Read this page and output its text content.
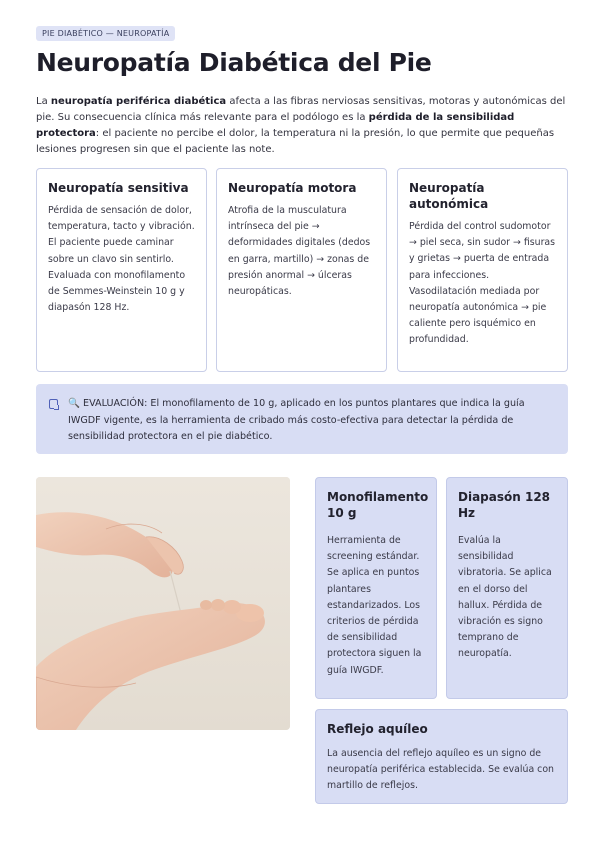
PIE DIABÉTICO — NEUROPATÍA
Neuropatía Diabética del Pie

La neuropatía periférica diabética afecta a las fibras nerviosas sensitivas, motoras y autonómicas del pie. Su consecuencia clínica más relevante para el podólogo es la pérdida de la sensibilidad protectora: el paciente no percibe el dolor, la temperatura ni la presión, lo que permite que pequeñas lesiones progresen sin que el paciente las note.

Neuropatía sensitiva

Pérdida de sensación de dolor, temperatura, tacto y vibración. El paciente puede caminar sobre un clavo sin sentirlo. Evaluada con monofilamento de Semmes-Weinstein 10 g y diapasón 128 Hz.

Neuropatía motora

Atrofia de la musculatura intrínseca del pie → deformidades digitales (dedos en garra, martillo) → zonas de presión anormal → úlceras neuropáticas.

Neuropatía autonómica

Pérdida del control sudomotor → piel seca, sin sudor → fisuras y grietas → puerta de entrada para infecciones. Vasodilatación mediada por neuropatía autonómica → pie caliente pero isquémico en profundidad.

🔍 EVALUACIÓN: El monofilamento de 10 g, aplicado en los puntos plantares que indica la guía IWGDF vigente, es la herramienta de cribado más costo-efectiva para detectar la pérdida de sensibilidad protectora en el pie diabético.
Monofilamento 10 g

Herramienta de screening estándar. Se aplica en puntos plantares estandarizados. Los criterios de pérdida de sensibilidad protectora siguen la guía IWGDF.

Diapasón 128 Hz

Evalúa la sensibilidad vibratoria. Se aplica en el dorso del hallux. Pérdida de vibración es signo temprano de neuropatía.

Reflejo aquíleo

La ausencia del reflejo aquíleo es un signo de neuropatía periférica establecida. Se evalúa con martillo de reflejos.
